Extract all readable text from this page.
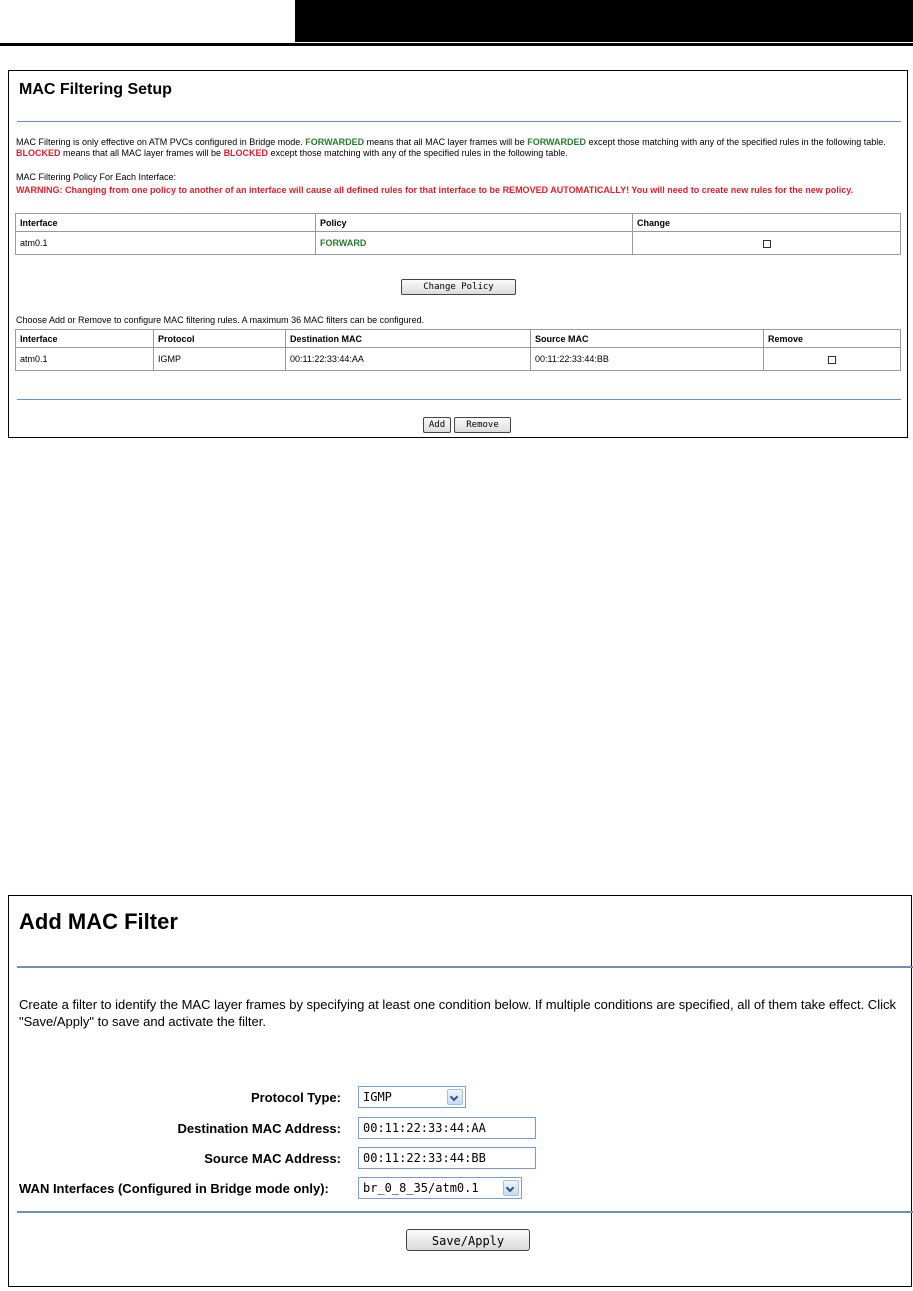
MAC Filtering Setup
MAC Filtering is only effective on ATM PVCs configured in Bridge mode. FORWARDED means that all MAC layer frames will be FORWARDED except those matching with any of the specified rules in the following table. BLOCKED means that all MAC layer frames will be BLOCKED except those matching with any of the specified rules in the following table.
MAC Filtering Policy For Each Interface:
WARNING: Changing from one policy to another of an interface will cause all defined rules for that interface to be REMOVED AUTOMATICALLY! You will need to create new rules for the new policy.
Interface	Policy	Change
atm0.1	FORWARD	
Change Policy
Choose Add or Remove to configure MAC filtering rules. A maximum 36 MAC filters can be configured.
Interface	Protocol	Destination MAC	Source MAC	Remove
atm0.1	IGMP	00:11:22:33:44:AA	00:11:22:33:44:BB	
Add	Remove
Add MAC Filter
Create a filter to identify the MAC layer frames by specifying at least one condition below. If multiple conditions are specified, all of them take effect. Click "Save/Apply" to save and activate the filter.
Protocol Type:	IGMP
Destination MAC Address:
00:11:22:33:44:AA
Source MAC Address:
00:11:22:33:44:BB
WAN Interfaces (Configured in Bridge mode only):	br_0_8_35/atm0.1
Save/Apply
